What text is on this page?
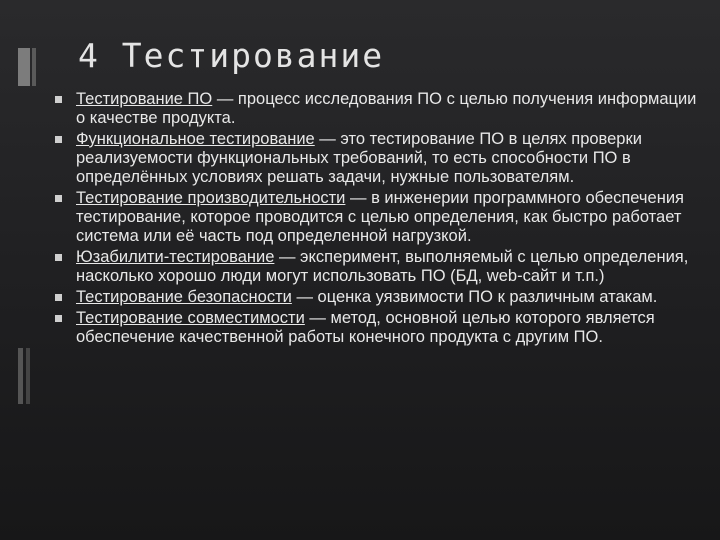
4 Тестирование
Тестирование ПО — процесс исследования ПО с целью получения информации о качестве продукта.
Функциональное тестирование — это тестирование ПО в целях проверки реализуемости функциональных требований, то есть способности ПО в определённых условиях решать задачи, нужные пользователям.
Тестирование производительности — в инженерии программного обеспечения тестирование, которое проводится с целью определения, как быстро работает система или её часть под определенной нагрузкой.
Юзабилити-тестирование — эксперимент, выполняемый с целью определения, насколько хорошо люди могут использовать ПО (БД, web-сайт и т.п.)
Тестирование безопасности — оценка уязвимости ПО к различным атакам.
Тестирование совместимости — метод, основной целью которого является обеспечение качественной работы конечного продукта с другим ПО.
